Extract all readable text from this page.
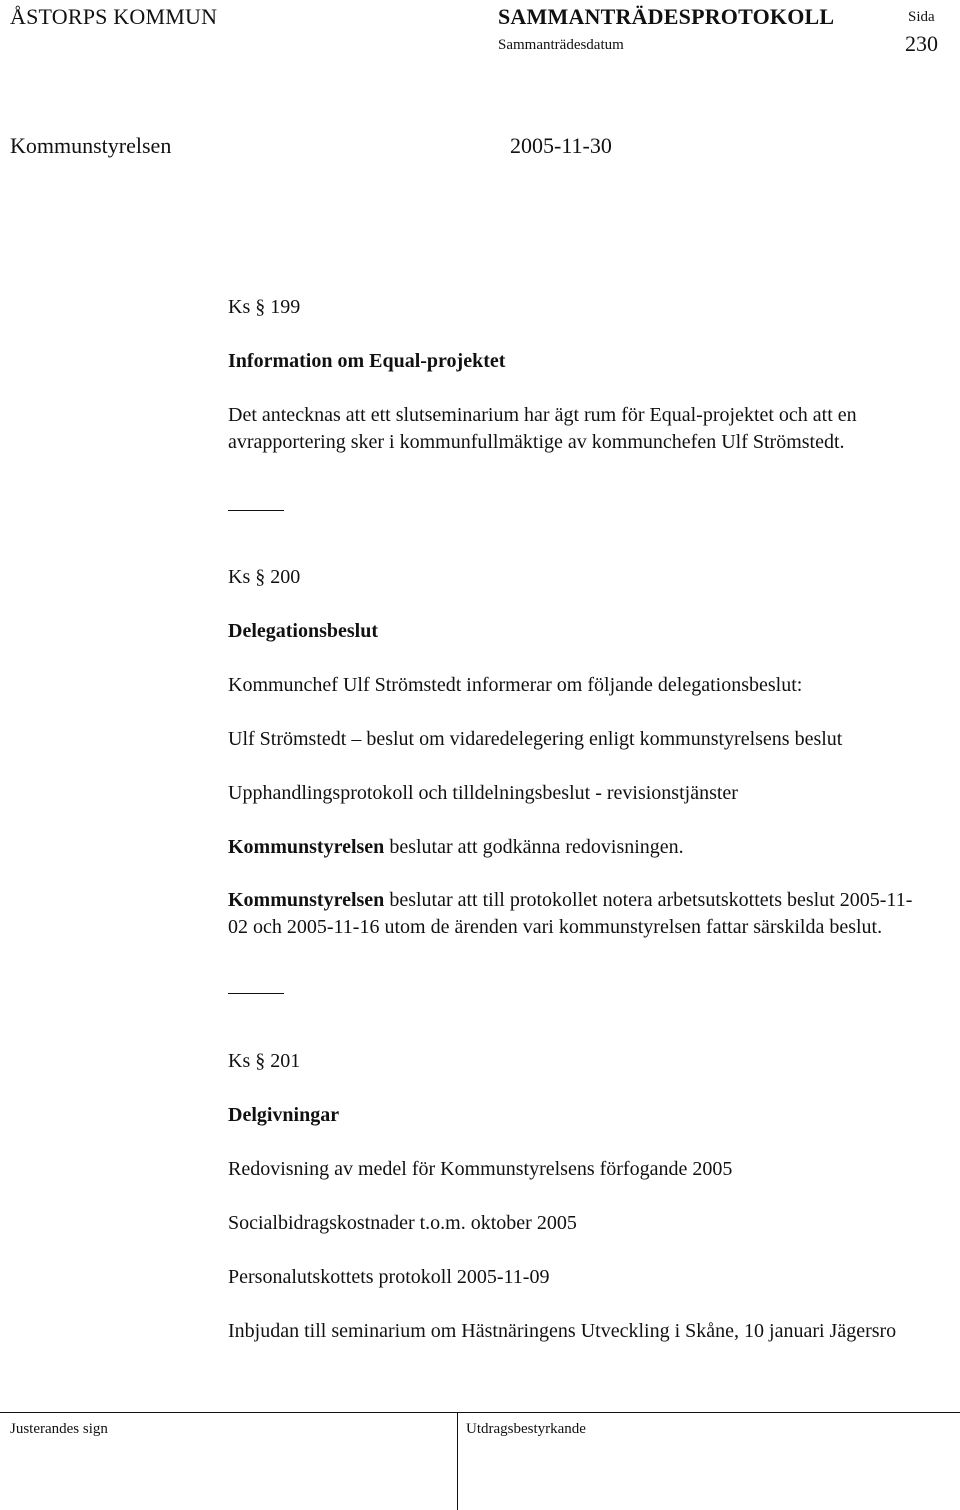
ÅSTORPS KOMMUN	SAMMANTRÄDESPROTOKOLL	Sida
Sammanträdesdatum	230
Kommunstyrelsen	2005-11-30
Ks § 199
Information om Equal-projektet
Det antecknas att ett slutseminarium har ägt rum för Equal-projektet och att en avrapportering sker i kommunfullmäktige av kommunchefen Ulf Strömstedt.
Ks § 200
Delegationsbeslut
Kommunchef Ulf Strömstedt informerar om följande delegationsbeslut:
Ulf Strömstedt – beslut om vidaredelegering enligt kommunstyrelsens beslut
Upphandlingsprotokoll och tilldelningsbeslut - revisionstjänster
Kommunstyrelsen beslutar att godkänna redovisningen.
Kommunstyrelsen beslutar att till protokollet notera arbetsutskottets beslut 2005-11-02 och 2005-11-16 utom de ärenden vari kommunstyrelsen fattar särskilda beslut.
Ks § 201
Delgivningar
Redovisning av medel för Kommunstyrelsens förfogande 2005
Socialbidragskostnader t.o.m. oktober 2005
Personalutskottets protokoll 2005-11-09
Inbjudan till seminarium om Hästnäringens Utveckling i Skåne, 10 januari Jägersro
Justerandes sign	Utdragsbestyrkande
